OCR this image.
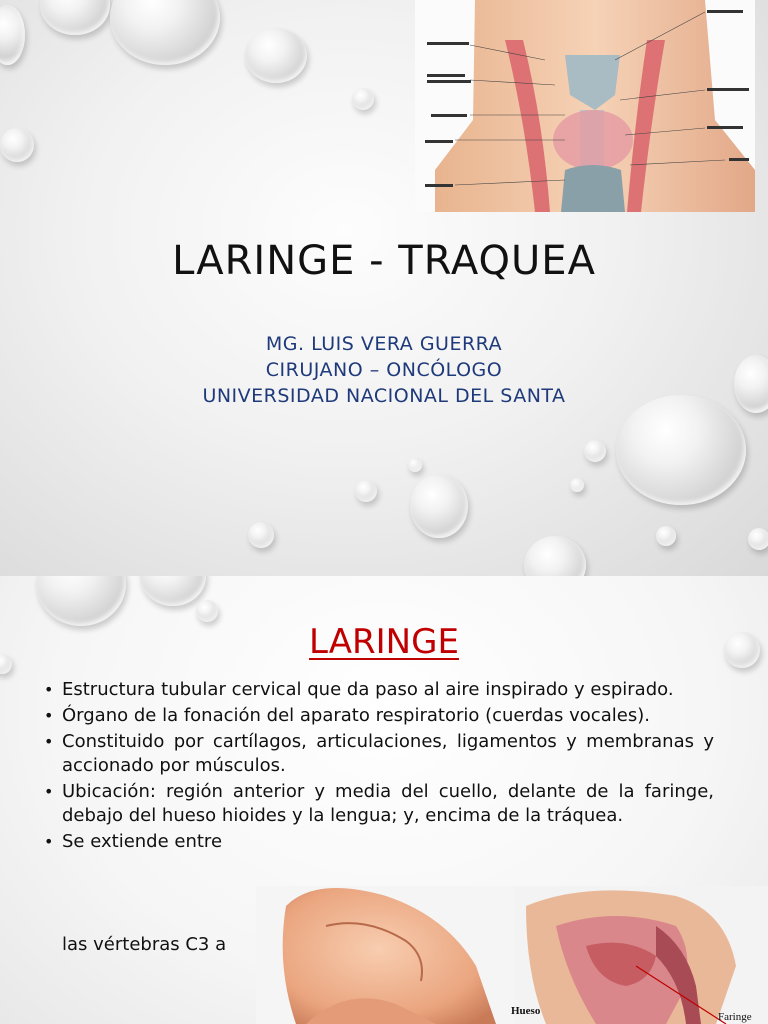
LARINGE - TRAQUEA
MG. LUIS VERA GUERRA
CIRUJANO – ONCÓLOGO
UNIVERSIDAD NACIONAL DEL SANTA
LARINGE
• Estructura tubular cervical que da paso al aire inspirado y espirado.
• Órgano de la fonación del aparato respiratorio (cuerdas vocales).
• Constituido por cartílagos, articulaciones, ligamentos y membranas y accionado por músculos.
• Ubicación: región anterior y media del cuello, delante de la faringe, debajo del hueso hioides y la lengua; y, encima de la tráquea.
• Se extiende entre
las vértebras C3 a
Hueso	Faringe
